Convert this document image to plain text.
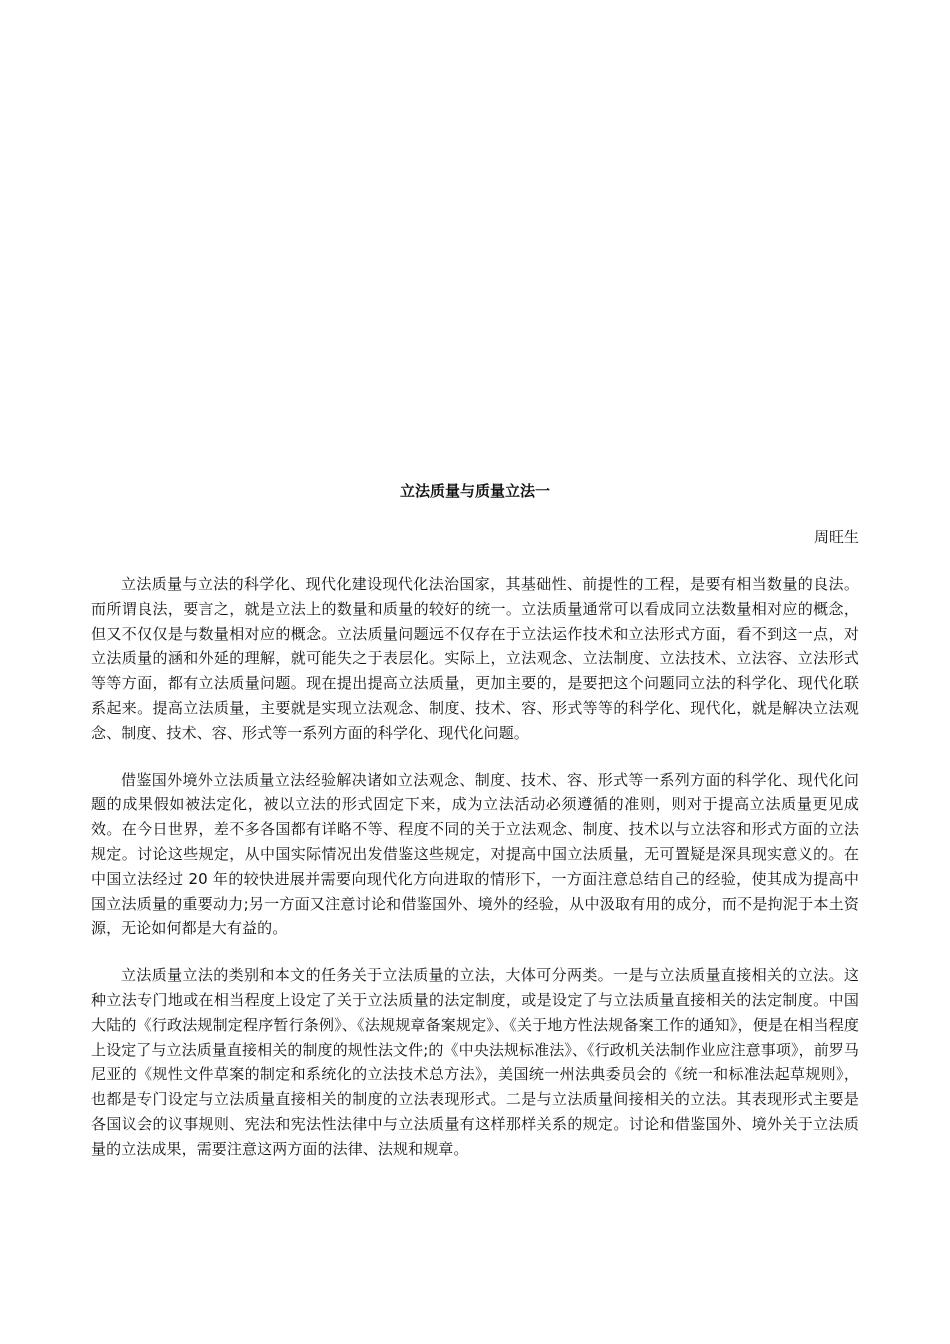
立法质量与质量立法一

周旺生

立法质量与立法的科学化、现代化建设现代化法治国家，其基础性、前提性的工程，是要有相当数量的良法。而所谓良法，要言之，就是立法上的数量和质量的较好的统一。立法质量通常可以看成同立法数量相对应的概念，但又不仅仅是与数量相对应的概念。立法质量问题远不仅存在于立法运作技术和立法形式方面，看不到这一点，对立法质量的涵和外延的理解，就可能失之于表层化。实际上，立法观念、立法制度、立法技术、立法容、立法形式等等方面，都有立法质量问题。现在提出提高立法质量，更加主要的，是要把这个问题同立法的科学化、现代化联系起来。提高立法质量，主要就是实现立法观念、制度、技术、容、形式等等的科学化、现代化，就是解决立法观念、制度、技术、容、形式等一系列方面的科学化、现代化问题。

借鉴国外境外立法质量立法经验解决诸如立法观念、制度、技术、容、形式等一系列方面的科学化、现代化问题的成果假如被法定化，被以立法的形式固定下来，成为立法活动必须遵循的准则，则对于提高立法质量更见成效。在今日世界，差不多各国都有详略不等、程度不同的关于立法观念、制度、技术以与立法容和形式方面的立法规定。讨论这些规定，从中国实际情况出发借鉴这些规定，对提高中国立法质量，无可置疑是深具现实意义的。在中国立法经过 20 年的较快进展并需要向现代化方向进取的情形下，一方面注意总结自己的经验，使其成为提高中国立法质量的重要动力;另一方面又注意讨论和借鉴国外、境外的经验，从中汲取有用的成分，而不是拘泥于本土资源，无论如何都是大有益的。

立法质量立法的类别和本文的任务关于立法质量的立法，大体可分两类。一是与立法质量直接相关的立法。这种立法专门地或在相当程度上设定了关于立法质量的法定制度，或是设定了与立法质量直接相关的法定制度。中国大陆的《行政法规制定程序暂行条例》、《法规规章备案规定》、《关于地方性法规备案工作的通知》，便是在相当程度上设定了与立法质量直接相关的制度的规性法文件;的《中央法规标准法》、《行政机关法制作业应注意事项》，前罗马尼亚的《规性文件草案的制定和系统化的立法技术总方法》，美国统一州法典委员会的《统一和标准法起草规则》，也都是专门设定与立法质量直接相关的制度的立法表现形式。二是与立法质量间接相关的立法。其表现形式主要是各国议会的议事规则、宪法和宪法性法律中与立法质量有这样那样关系的规定。讨论和借鉴国外、境外关于立法质量的立法成果，需要注意这两方面的法律、法规和规章。
